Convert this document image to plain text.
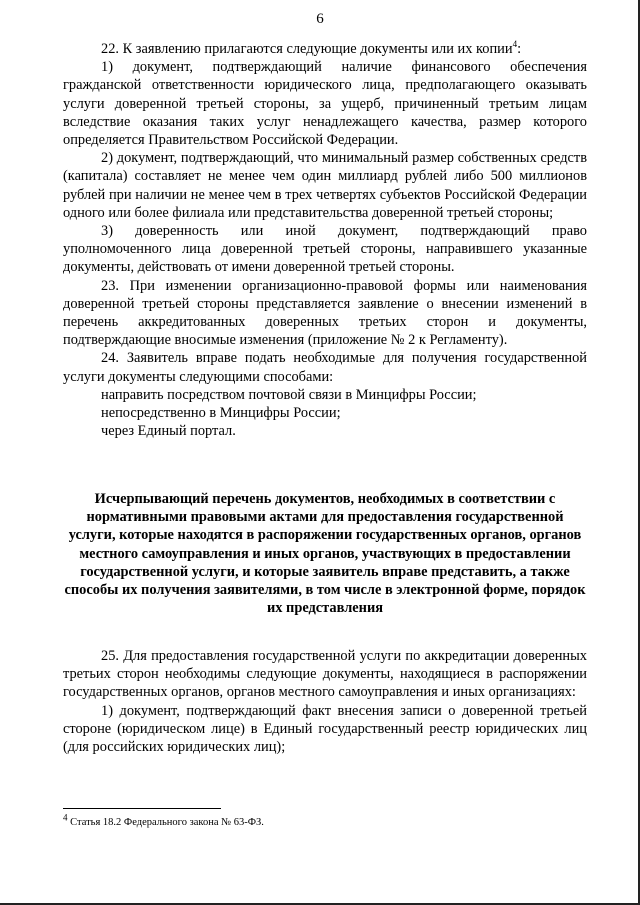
6

22. К заявлению прилагаются следующие документы или их копии$^4$:

1) документ, подтверждающий наличие финансового обеспечения гражданской ответственности юридического лица, предполагающего оказывать услуги доверенной третьей стороны, за ущерб, причиненный третьим лицам вследствие оказания таких услуг ненадлежащего качества, размер которого определяется Правительством Российской Федерации.

2) документ, подтверждающий, что минимальный размер собственных средств (капитала) составляет не менее чем один миллиард рублей либо 500 миллионов рублей при наличии не менее чем в трех четвертях субъектов Российской Федерации одного или более филиала или представительства доверенной третьей стороны;

3) доверенность или иной документ, подтверждающий право уполномоченного лица доверенной третьей стороны, направившего указанные документы, действовать от имени доверенной третьей стороны.

23. При изменении организационно-правовой формы или наименования доверенной третьей стороны представляется заявление о внесении изменений в перечень аккредитованных доверенных третьих сторон и документы, подтверждающие вносимые изменения (приложение № 2 к Регламенту).

24. Заявитель вправе подать необходимые для получения государственной услуги документы следующими способами:

направить посредством почтовой связи в Минцифры России;

непосредственно в Минцифры России;

через Единый портал.

Исчерпывающий перечень документов, необходимых в соответствии с нормативными правовыми актами для предоставления государственной услуги, которые находятся в распоряжении государственных органов, органов местного самоуправления и иных органов, участвующих в предоставлении государственной услуги, и которые заявитель вправе представить, а также способы их получения заявителями, в том числе в электронной форме, порядок их представления

25. Для предоставления государственной услуги по аккредитации доверенных третьих сторон необходимы следующие документы, находящиеся в распоряжении государственных органов, органов местного самоуправления и иных организациях:

1) документ, подтверждающий факт внесения записи о доверенной третьей стороне (юридическом лице) в Единый государственный реестр юридических лиц (для российских юридических лиц);

$^4$ Статья 18.2 Федерального закона № 63-ФЗ.
